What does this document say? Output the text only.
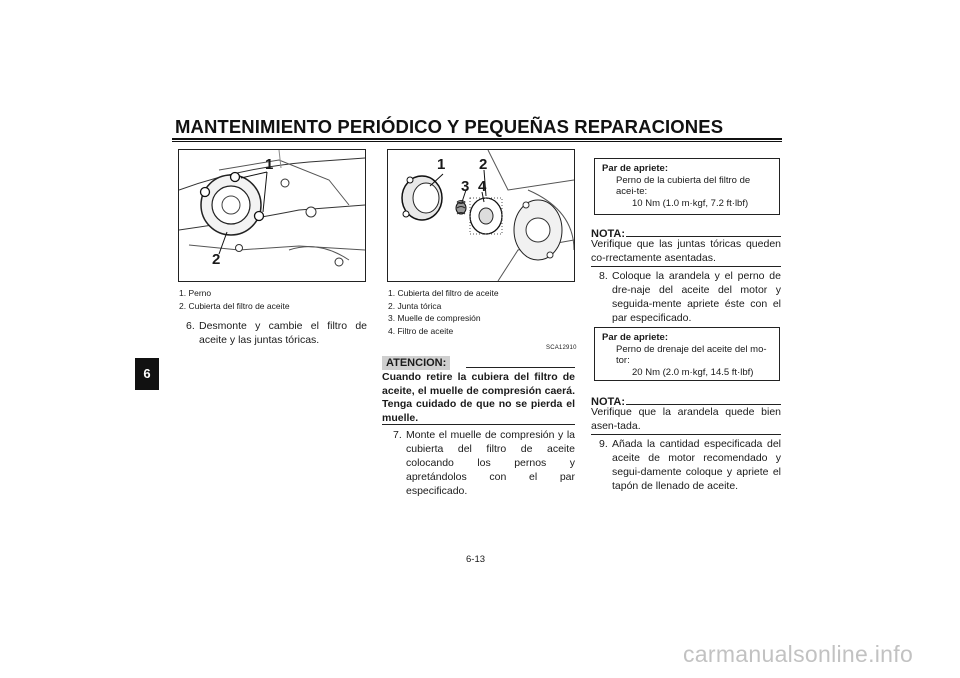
MANTENIMIENTO PERIÓDICO Y PEQUEÑAS REPARACIONES
6
1
2
1. Perno
2. Cubierta del filtro de aceite
6. Desmonte y cambie el filtro de aceite y las juntas tóricas.
1 2
3 4
1. Cubierta del filtro de aceite
2. Junta tórica
3. Muelle de compresión
4. Filtro de aceite
SCA12910
ATENCION:
Cuando retire la cubiera del filtro de aceite, el muelle de compresión caerá. Tenga cuidado de que no se pierda el muelle.
7. Monte el muelle de compresión y la cubierta del filtro de aceite colocando los pernos y apretándolos con el par especificado.
Par de apriete:
Perno de la cubierta del filtro de acei-te:
10 Nm (1.0 m·kgf, 7.2 ft·lbf)
NOTA:
Verifique que las juntas tóricas queden co-rrectamente asentadas.
8. Coloque la arandela y el perno de dre-naje del aceite del motor y seguida-mente apriete éste con el par especificado.
Par de apriete:
Perno de drenaje del aceite del mo-tor:
20 Nm (2.0 m·kgf, 14.5 ft·lbf)
NOTA:
Verifique que la arandela quede bien asen-tada.
9. Añada la cantidad especificada del aceite de motor recomendado y segui-damente coloque y apriete el tapón de llenado de aceite.
6-13
carmanualsonline.info
